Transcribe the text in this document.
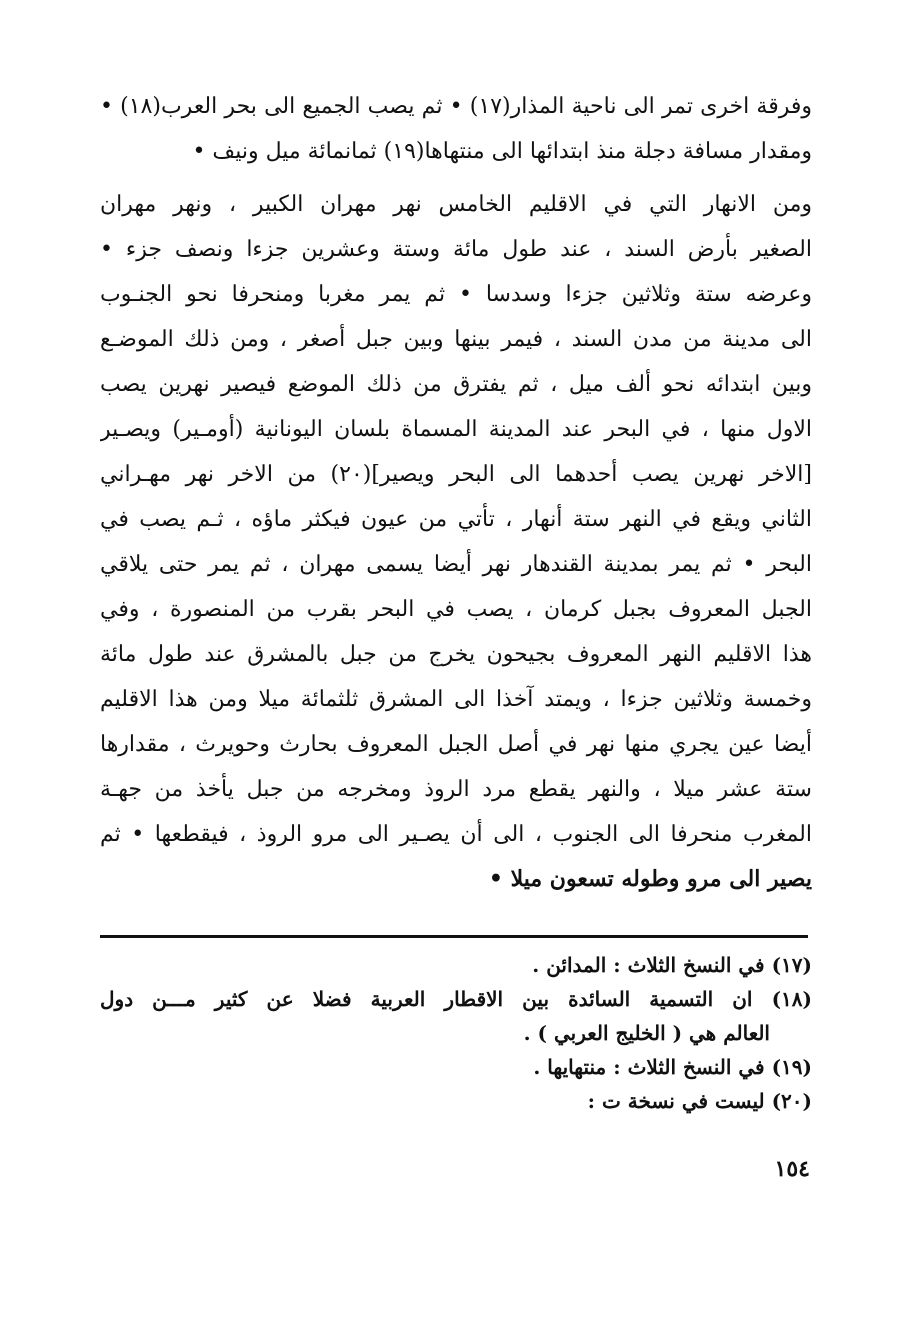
وفرقة اخرى تمر الى ناحية المذار(١٧) • ثم يصب الجميع الى بحر العرب(١٨) •
ومقدار مسافة دجلة منذ ابتدائها الى منتهاها(١٩) ثمانمائة ميل ونيف •
ومن الانهار التي في الاقليم الخامس نهر مهران الكبير ، ونهر مهران
الصغير بأرض السند ، عند طول مائة وستة وعشرين جزءا ونصف جزء •
وعرضه ستة وثلاثين جزءا وسدسا • ثم يمر مغربا ومنحرفا نحو الجنـوب
الى مدينة من مدن السند ، فيمر بينها وبين جبل أصغر ، ومن ذلك الموضـع
وبين ابتدائه نحو ألف ميل ، ثم يفترق من ذلك الموضع فيصير نهرين يصب
الاول منها ، في البحر عند المدينة المسماة بلسان اليونانية (أومـير) ويصـير
[الاخر نهرين يصب أحدهما الى البحر ويصير](٢٠) من الاخر نهر مهـراني
الثاني ويقع في النهر ستة أنهار ، تأتي من عيون فيكثر ماؤه ، ثـم يصب في
البحر • ثم يمر بمدينة القندهار نهر أيضا يسمى مهران ، ثم يمر حتى يلاقي
الجبل المعروف بجبل كرمان ، يصب في البحر بقرب من المنصورة ، وفي
هذا الاقليم النهر المعروف بجيحون يخرج من جبل بالمشرق عند طول مائة
وخمسة وثلاثين جزءا ، ويمتد آخذا الى المشرق ثلثمائة ميلا ومن هذا الاقليم
أيضا عين يجري منها نهر في أصل الجبل المعروف بحارث وحويرث ، مقدارها
ستة عشر ميلا ، والنهر يقطع مرد الروذ ومخرجه من جبل يأخذ من جهـة
المغرب منحرفا الى الجنوب ، الى أن يصـير الى مرو الروذ ، فيقطعها • ثم
يصير الى مرو وطوله تسعون ميلا •
(١٧) في النسخ الثلاث : المدائن .
(١٨) ان التسمية السائدة بين الاقطار العربية فضلا عن كثير مـــن دول
العالم هي ( الخليج العربي ) .
(١٩) في النسخ الثلاث : منتهايها .
(٢٠) ليست في نسخة ت :
١٥٤
